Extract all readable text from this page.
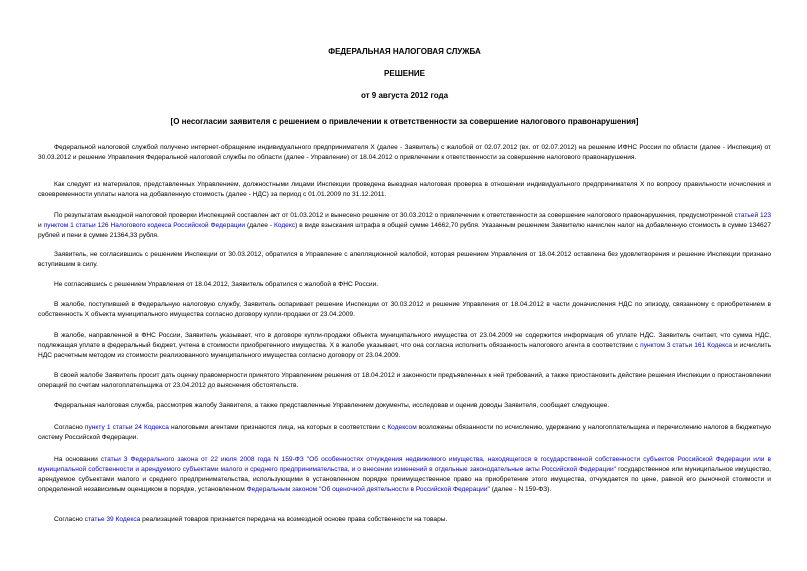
ФЕДЕРАЛЬНАЯ НАЛОГОВАЯ СЛУЖБА
РЕШЕНИЕ
от 9 августа 2012 года
[О несогласии заявителя с решением о привлечении к ответственности за совершение налогового правонарушения]
Федеральной налоговой службой получено интернет-обращение индивидуального предпринимателя Х (далее - Заявитель) с жалобой от 02.07.2012 (вх. от 02.07.2012) на решение ИФНС России по области (далее - Инспекция) от 30.03.2012 и решение Управления Федеральной налоговой службы по области (далее - Управление) от 18.04.2012 о привлечении к ответственности за совершение налогового правонарушения.
Как следует из материалов, представленных Управлением, должностными лицами Инспекции проведена выездная налоговая проверка в отношении индивидуального предпринимателя Х по вопросу правильности исчисления и своевременности уплаты налога на добавленную стоимость (далее - НДС) за период с 01.01.2009 по 31.12.2011.
По результатам выездной налоговой проверки Инспекцией составлен акт от 01.03.2012 и вынесено решение от 30.03.2012 о привлечении к ответственности за совершение налогового правонарушения, предусмотренной статьей 123 и пунктом 1 статьи 126 Налогового кодекса Российской Федерации (далее - Кодекс) в виде взыскания штрафа в общей сумме 14662,70 рубля. Указанным решением Заявителю начислен налог на добавленную стоимость в сумме 134627 рублей и пени в сумме 21364,33 рубля.
Заявитель, не согласившись с решением Инспекции от 30.03.2012, обратился в Управление с апелляционной жалобой, которая решением Управления от 18.04.2012 оставлена без удовлетворения и решение Инспекции признано вступившим в силу.
Не согласившись с решением Управления от 18.04.2012, Заявитель обратился с жалобой в ФНС России.
В жалобе, поступившей в Федеральную налоговую службу, Заявитель оспаривает решение Инспекции от 30.03.2012 и решение Управления от 18.04.2012 в части доначисления НДС по эпизоду, связанному с приобретением в собственность Х объекта муниципального имущества согласно договору купли-продажи от 23.04.2009.
В жалобе, направленной в ФНС России, Заявитель указывает, что в договоре купли-продажи объекта муниципального имущества от 23.04.2009 не содержится информация об уплате НДС. Заявитель считает, что сумма НДС, подлежащая уплате в федеральный бюджет, учтена в стоимости приобретенного имущества. Х в жалобе указывает, что она согласна исполнить обязанность налогового агента в соответствии с пунктом 3 статьи 161 Кодекса и исчислить НДС расчетным методом из стоимости реализованного муниципального имущества согласно договору от 23.04.2009.
В своей жалобе Заявитель просит дать оценку правомерности принятого Управлением решения от 18.04.2012 и законности предъявленных к ней требований, а также приостановить действие решения Инспекции о приостановлении операций по счетам налогоплательщика от 23.04.2012 до выяснения обстоятельств.
Федеральная налоговая служба, рассмотрев жалобу Заявителя, а также представленные Управлением документы, исследовав и оценив доводы Заявителя, сообщает следующее.
Согласно пункту 1 статьи 24 Кодекса налоговыми агентами признаются лица, на которых в соответствии с Кодексом возложены обязанности по исчислению, удержанию у налогоплательщика и перечислению налогов в бюджетную систему Российской Федерации.
На основании статьи 3 Федерального закона от 22 июля 2008 года N 159-ФЗ "Об особенностях отчуждения недвижимого имущества, находящегося в государственной собственности субъектов Российской Федерации или в муниципальной собственности и арендуемого субъектами малого и среднего предпринимательства, и о внесении изменений в отдельные законодательные акты Российской Федерации" государственное или муниципальное имущество, арендуемое субъектами малого и среднего предпринимательства, использующими в установленном порядке преимущественное право на приобретение этого имущества, отчуждается по цене, равной его рыночной стоимости и определенной независимым оценщиком в порядке, установленном Федеральным законом "Об оценочной деятельности в Российской Федерации" (далее - N 159-ФЗ).
Согласно статье 39 Кодекса реализацией товаров признается передача на возмездной основе права собственности на товары.
